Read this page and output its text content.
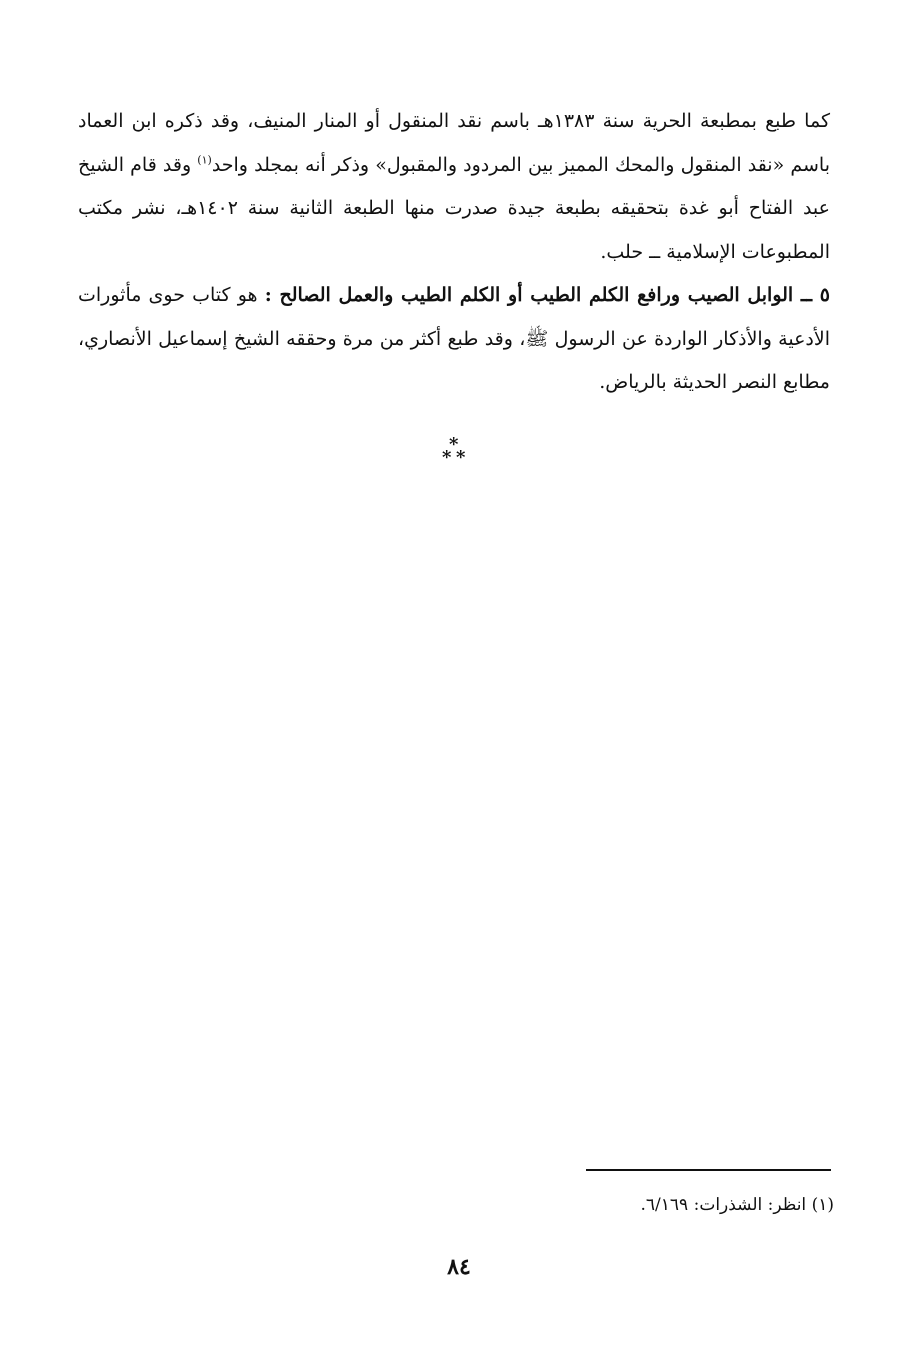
كما طبع بمطبعة الحرية سنة ١٣٨٣هـ باسم نقد المنقول أو المنار المنيف، وقد ذكره ابن العماد باسم «نقد المنقول والمحك المميز بين المردود والمقبول» وذكر أنه بمجلد واحد$^{(١)}$ وقد قام الشيخ عبد الفتاح أبو غدة بتحقيقه بطبعة جيدة صدرت منها الطبعة الثانية سنة ١٤٠٢هـ، نشر مكتب المطبوعات الإسلامية ــ حلب.

٥ ــ الوابل الصيب ورافع الكلم الطيب أو الكلم الطيب والعمل الصالح : هو كتاب حوى مأثورات الأدعية والأذكار الواردة عن الرسول ﷺ، وقد طبع أكثر من مرة وحققه الشيخ إسماعيل الأنصاري، مطابع النصر الحديثة بالرياض.

*
* *
(١) انظر: الشذرات: ٦/١٦٩.
٨٤
